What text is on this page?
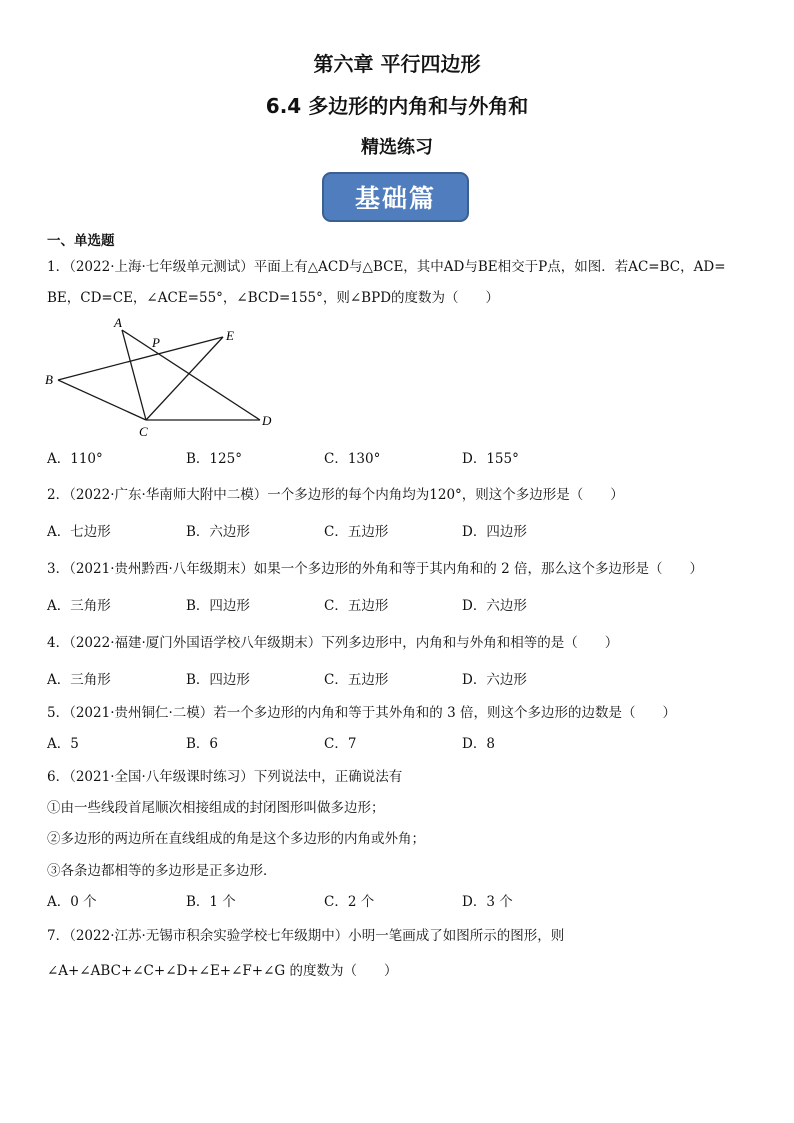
第六章 平行四边形
6.4 多边形的内角和与外角和
精选练习
基础篇
一、单选题
1．（2022·上海·七年级单元测试）平面上有△ACD与△BCE，其中AD与BE相交于P点，如图．若AC=BC，AD=
BE，CD=CE，∠ACE=55°，∠BCD=155°，则∠BPD的度数为（　　）
A
B
C
D
E
P
A．110°	B．125°	C．130°	D．155°
2．（2022·广东·华南师大附中二模）一个多边形的每个内角均为120°，则这个多边形是（　　）
A．七边形	B．六边形	C．五边形	D．四边形
3．（2021·贵州黔西·八年级期末）如果一个多边形的外角和等于其内角和的 2 倍，那么这个多边形是（　　）
A．三角形	B．四边形	C．五边形	D．六边形
4．（2022·福建·厦门外国语学校八年级期末）下列多边形中，内角和与外角和相等的是（　　）
A．三角形	B．四边形	C．五边形	D．六边形
5．（2021·贵州铜仁·二模）若一个多边形的内角和等于其外角和的 3 倍，则这个多边形的边数是（　　）
A．5	B．6	C．7	D．8
6．（2021·全国·八年级课时练习）下列说法中，正确说法有
①由一些线段首尾顺次相接组成的封闭图形叫做多边形；
②多边形的两边所在直线组成的角是这个多边形的内角或外角；
③各条边都相等的多边形是正多边形．
A．0 个	B．1 个	C．2 个	D．3 个
7．（2022·江苏·无锡市积余实验学校七年级期中）小明一笔画成了如图所示的图形，则
∠A+∠ABC+∠C+∠D+∠E+∠F+∠G 的度数为（　　）
